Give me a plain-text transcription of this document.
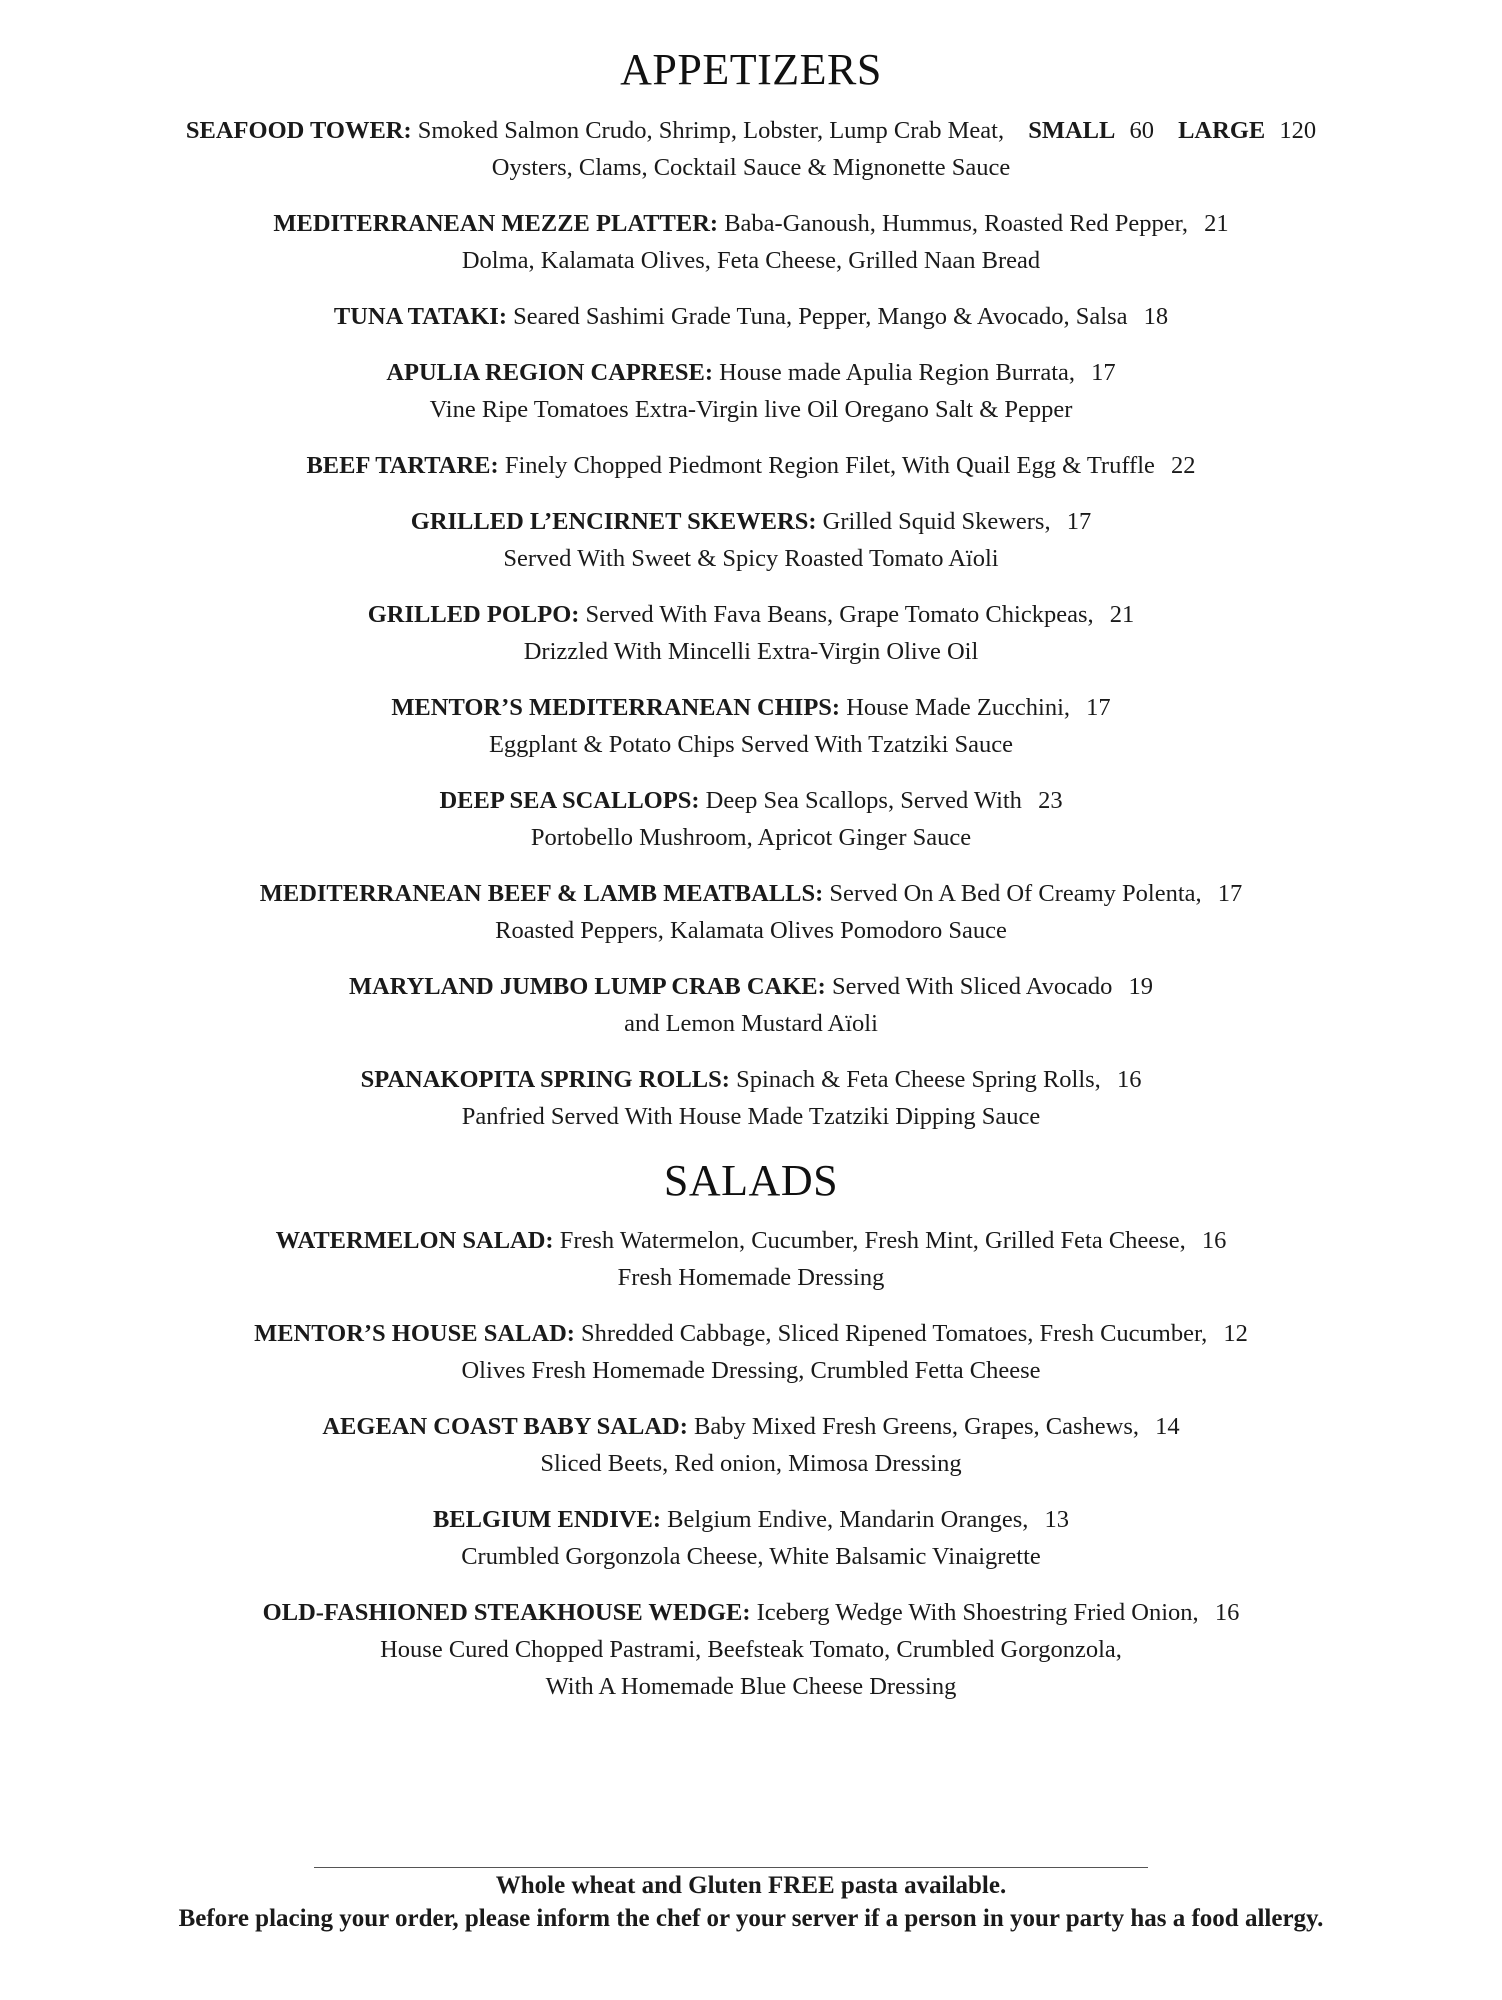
APPETIZERS
SEAFOOD TOWER: Smoked Salmon Crudo, Shrimp, Lobster, Lump Crab Meat, SMALL 60 LARGE 120
Oysters, Clams, Cocktail Sauce & Mignonette Sauce
MEDITERRANEAN MEZZE PLATTER: Baba-Ganoush, Hummus, Roasted Red Pepper, 21
Dolma, Kalamata Olives, Feta Cheese, Grilled Naan Bread
TUNA TATAKI: Seared Sashimi Grade Tuna, Pepper, Mango & Avocado, Salsa 18
APULIA REGION CAPRESE: House made Apulia Region Burrata, 17
Vine Ripe Tomatoes Extra-Virgin live Oil Oregano Salt & Pepper
BEEF TARTARE: Finely Chopped Piedmont Region Filet, With Quail Egg & Truffle 22
GRILLED L’ENCIRNET SKEWERS: Grilled Squid Skewers, 17
Served With Sweet & Spicy Roasted Tomato Aïoli
GRILLED POLPO: Served With Fava Beans, Grape Tomato Chickpeas, 21
Drizzled With Mincelli Extra-Virgin Olive Oil
MENTOR’S MEDITERRANEAN CHIPS: House Made Zucchini, 17
Eggplant & Potato Chips Served With Tzatziki Sauce
DEEP SEA SCALLOPS: Deep Sea Scallops, Served With 23
Portobello Mushroom, Apricot Ginger Sauce
MEDITERRANEAN BEEF & LAMB MEATBALLS: Served On A Bed Of Creamy Polenta, 17
Roasted Peppers, Kalamata Olives Pomodoro Sauce
MARYLAND JUMBO LUMP CRAB CAKE: Served With Sliced Avocado 19
and Lemon Mustard Aïoli
SPANAKOPITA SPRING ROLLS: Spinach & Feta Cheese Spring Rolls, 16
Panfried Served With House Made Tzatziki Dipping Sauce
SALADS
WATERMELON SALAD: Fresh Watermelon, Cucumber, Fresh Mint, Grilled Feta Cheese, 16
Fresh Homemade Dressing
MENTOR’S HOUSE SALAD: Shredded Cabbage, Sliced Ripened Tomatoes, Fresh Cucumber, 12
Olives Fresh Homemade Dressing, Crumbled Fetta Cheese
AEGEAN COAST BABY SALAD: Baby Mixed Fresh Greens, Grapes, Cashews, 14
Sliced Beets, Red onion, Mimosa Dressing
BELGIUM ENDIVE: Belgium Endive, Mandarin Oranges, 13
Crumbled Gorgonzola Cheese, White Balsamic Vinaigrette
OLD-FASHIONED STEAKHOUSE WEDGE: Iceberg Wedge With Shoestring Fried Onion, 16
House Cured Chopped Pastrami, Beefsteak Tomato, Crumbled Gorgonzola,
With A Homemade Blue Cheese Dressing
Whole wheat and Gluten FREE pasta available.
Before placing your order, please inform the chef or your server if a person in your party has a food allergy.
